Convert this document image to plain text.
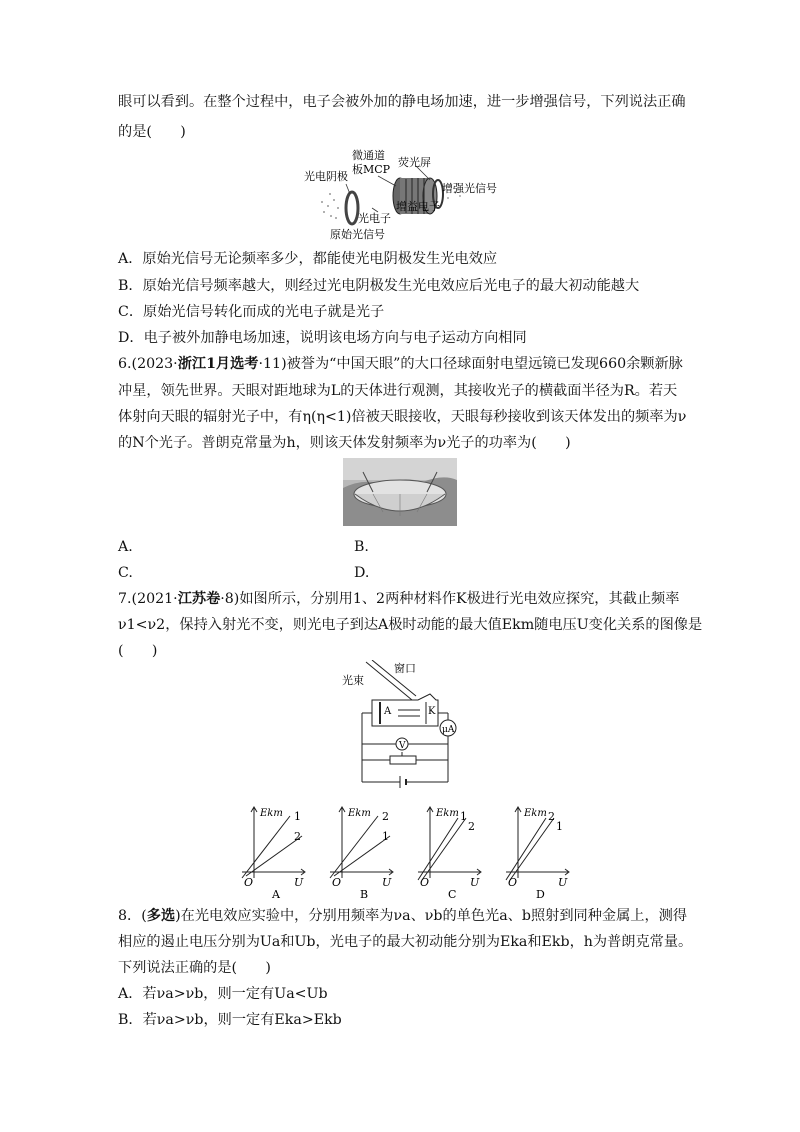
眼可以看到。在整个过程中，电子会被外加的静电场加速，进一步增强信号，下列说法正确
的是(　　)
微通道
板MCP
荧光屏
光电阴极
增强光信号
增益电子
光电子
原始光信号
A．原始光信号无论频率多少，都能使光电阴极发生光电效应
B．原始光信号频率越大，则经过光电阴极发生光电效应后光电子的最大初动能越大
C．原始光信号转化而成的光电子就是光子
D．电子被外加静电场加速，说明该电场方向与电子运动方向相同
6.(2023·浙江1月选考·11)被誉为“中国天眼”的大口径球面射电望远镜已发现660余颗新脉
冲星，领先世界。天眼对距地球为L的天体进行观测，其接收光子的横截面半径为R。若天
体射向天眼的辐射光子中，有η(η<1)倍被天眼接收，天眼每秒接收到该天体发出的频率为ν
的N个光子。普朗克常量为h，则该天体发射频率为ν光子的功率为(　　)
A.	B.
C.	D.
7.(2021·江苏卷·8)如图所示，分别用1、2两种材料作K极进行光电效应探究，其截止频率
ν1<ν2，保持入射光不变，则光电子到达A极时动能的最大值Ekm随电压U变化关系的图像是
(　　)
光束
窗口
A	K
μA
V
1
2
Ekm
U
O
A
2
1
Ekm
U
O
B
1
2
Ekm
U
O
C
2
1
Ekm
U
O
D
8．(多选)在光电效应实验中，分别用频率为νa、νb的单色光a、b照射到同种金属上，测得
相应的遏止电压分别为Ua和Ub，光电子的最大初动能分别为Eka和Ekb，h为普朗克常量。
下列说法正确的是(　　)
A．若νa>νb，则一定有Ua<Ub
B．若νa>νb，则一定有Eka>Ekb
